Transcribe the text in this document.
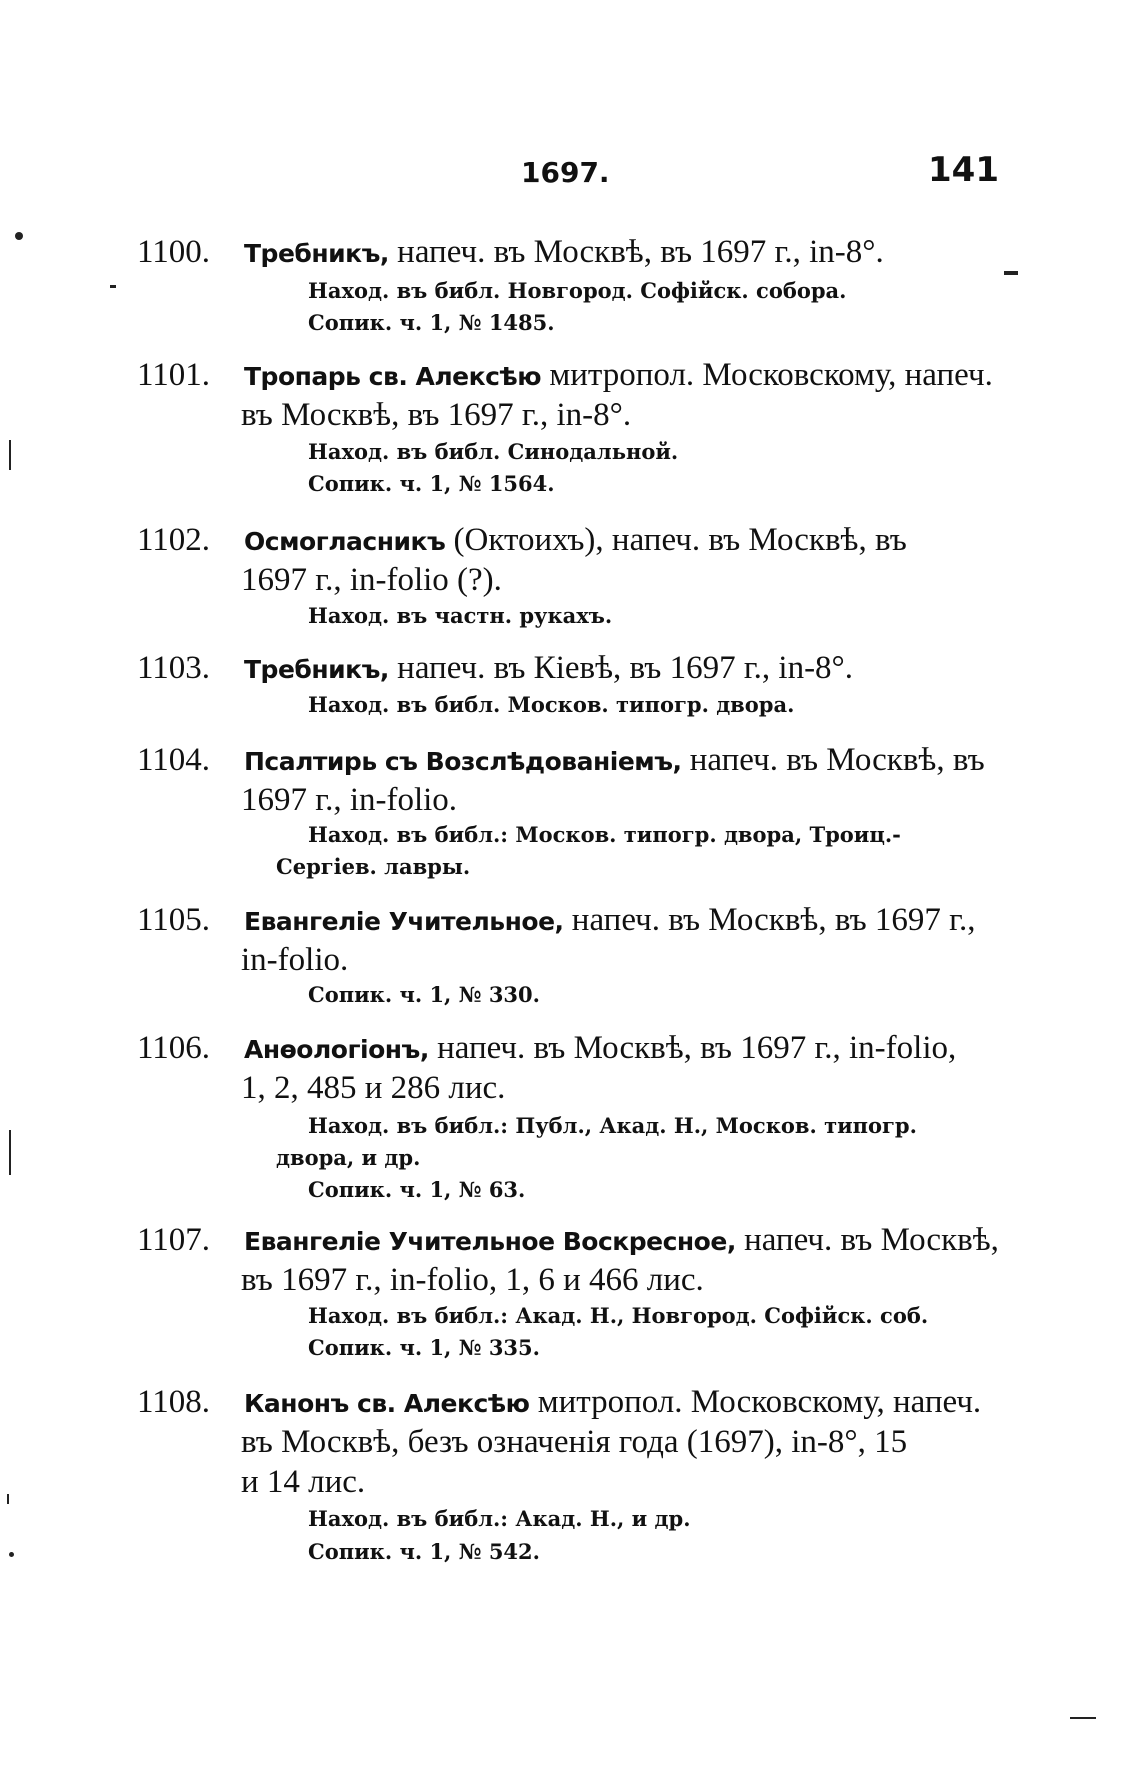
1697.	141
1100. Требникъ, напеч. въ Москвѣ, въ 1697 г., in-8°.
Наход. въ библ. Новгород. Софійск. собора.
Сопик. ч. 1, № 1485.
1101. Тропарь св. Алексѣю митропол. Московскому, напеч.
въ Москвѣ, въ 1697 г., in-8°.
Наход. въ библ. Синодальной.
Сопик. ч. 1, № 1564.
1102. Осмогласникъ (Октоихъ), напеч. въ Москвѣ, въ
1697 г., in-folio (?).
Наход. въ частн. рукахъ.
1103. Требникъ, напеч. въ Кіевѣ, въ 1697 г., in-8°.
Наход. въ библ. Москов. типогр. двора.
1104. Псалтирь съ Возслѣдованіемъ, напеч. въ Москвѣ, въ
1697 г., in-folio.
Наход. въ библ.: Москов. типогр. двора, Троиц.-
Сергіев. лавры.
1105. Евангеліе Учительное, напеч. въ Москвѣ, въ 1697 г.,
in-folio.
Сопик. ч. 1, № 330.
1106. Анѳологіонъ, напеч. въ Москвѣ, въ 1697 г., in-folio,
1, 2, 485 и 286 лис.
Наход. въ библ.: Публ., Акад. Н., Москов. типогр.
двора, и др.
Сопик. ч. 1, № 63.
1107. Евангеліе Учительное Воскресное, напеч. въ Москвѣ,
въ 1697 г., in-folio, 1, 6 и 466 лис.
Наход. въ библ.: Акад. Н., Новгород. Софійск. соб.
Сопик. ч. 1, № 335.
1108. Канонъ св. Алексѣю митропол. Московскому, напеч.
въ Москвѣ, безъ означенія года (1697), in-8°, 15
и 14 лис.
Наход. въ библ.: Акад. Н., и др.
Сопик. ч. 1, № 542.
